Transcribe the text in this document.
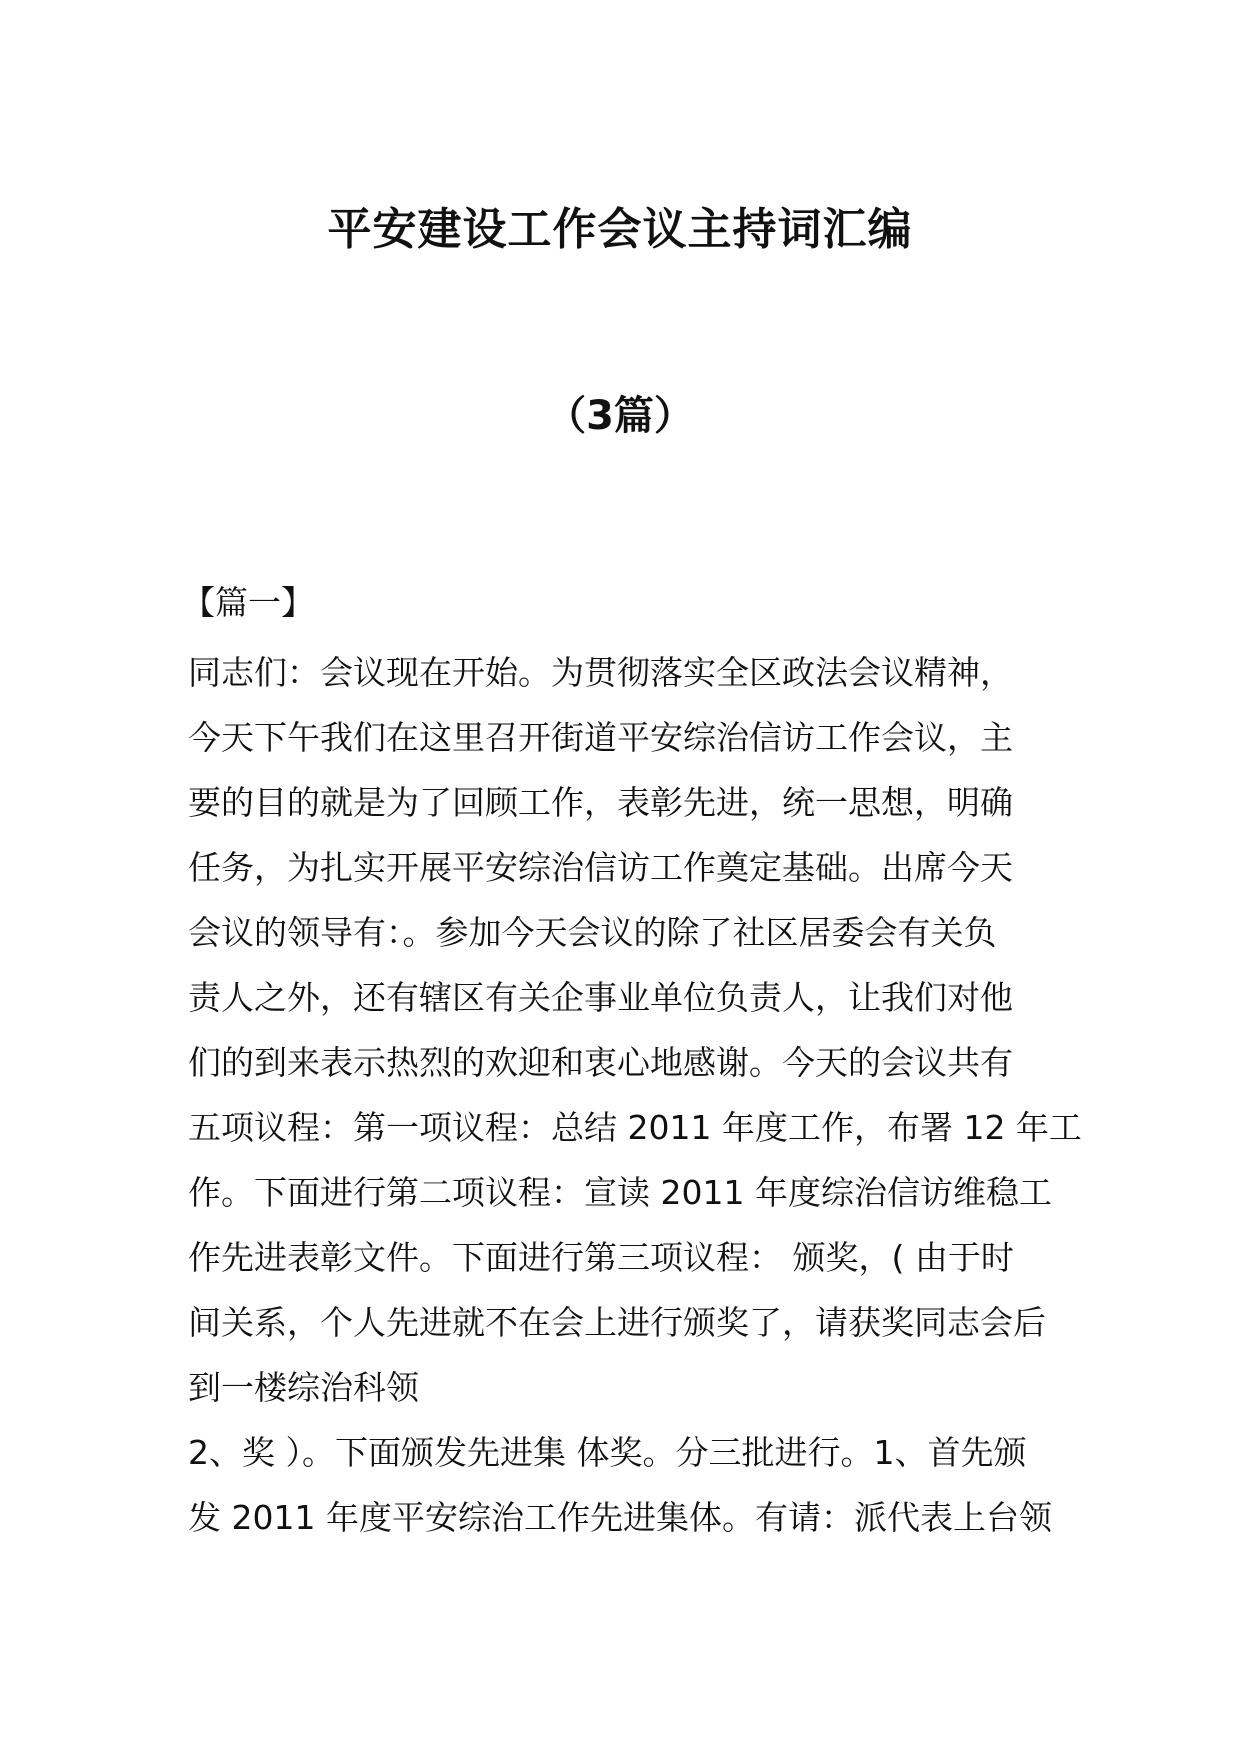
平安建设工作会议主持词汇编
（3篇）
【篇一】
同志们：会议现在开始。为贯彻落实全区政法会议精神，
今天下午我们在这里召开街道平安综治信访工作会议，主
要的目的就是为了回顾工作，表彰先进，统一思想，明确
任务，为扎实开展平安综治信访工作奠定基础。出席今天
会议的领导有：。参加今天会议的除了社区居委会有关负
责人之外，还有辖区有关企事业单位负责人，让我们对他
们的到来表示热烈的欢迎和衷心地感谢。今天的会议共有
五项议程：第一项议程：总结 2011 年度工作，布署 12 年工
作。下面进行第二项议程：宣读 2011 年度综治信访维稳工
作先进表彰文件。下面进行第三项议程： 颁奖，( 由于时
间关系，个人先进就不在会上进行颁奖了，请获奖同志会后
到一楼综治科领
2、奖 ）。下面颁发先进集 体奖。分三批进行。1、首先颁
发 2011 年度平安综治工作先进集体。有请：派代表上台领
